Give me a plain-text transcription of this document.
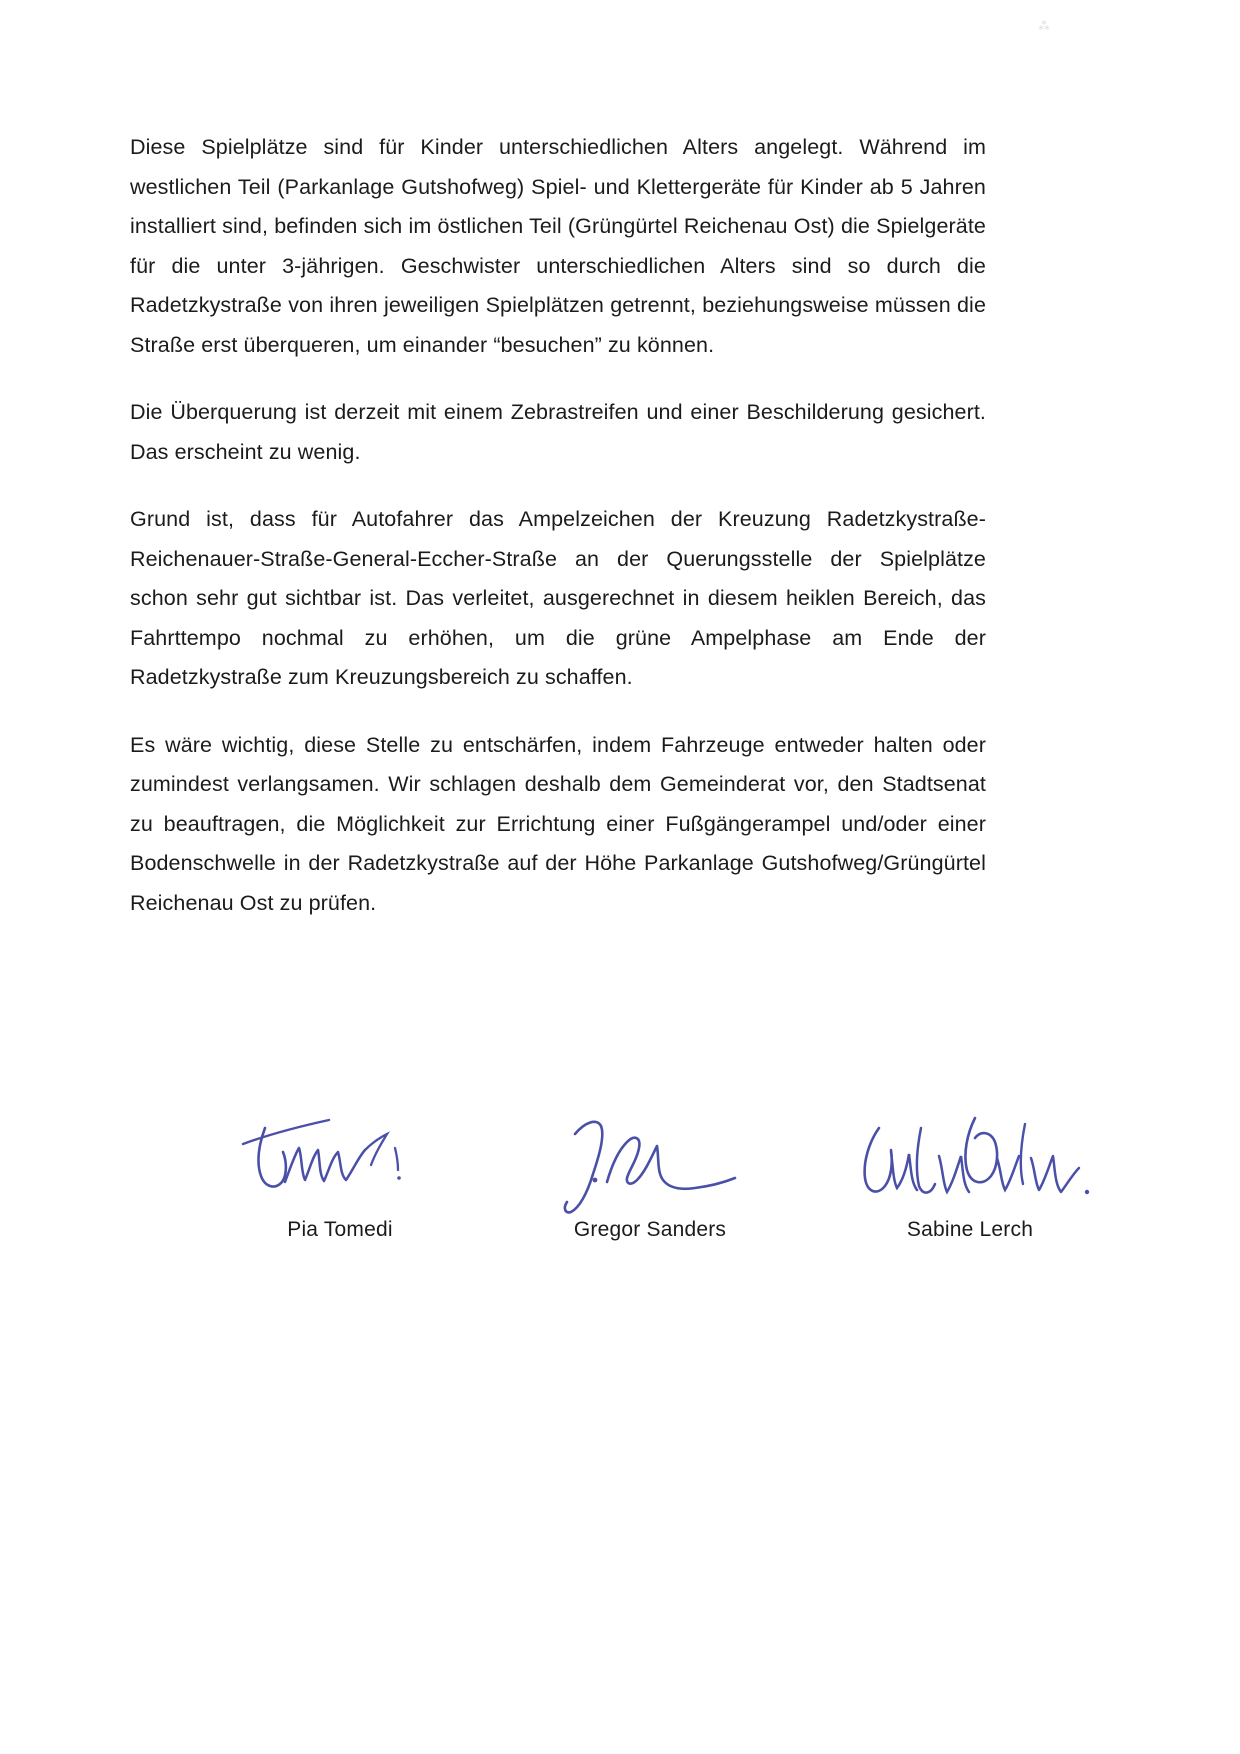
⁂

Diese Spielplätze sind für Kinder unterschiedlichen Alters angelegt. Während im westlichen Teil (Parkanlage Gutshofweg) Spiel- und Klettergeräte für Kinder ab 5 Jahren installiert sind, befinden sich im östlichen Teil (Grüngürtel Reichenau Ost) die Spielgeräte für die unter 3-jährigen. Geschwister unterschiedlichen Alters sind so durch die Radetzkystraße von ihren jeweiligen Spielplätzen getrennt, beziehungsweise müssen die Straße erst überqueren, um einander “besuchen” zu können.

Die Überquerung ist derzeit mit einem Zebrastreifen und einer Beschilderung gesichert. Das erscheint zu wenig.

Grund ist, dass für Autofahrer das Ampelzeichen der Kreuzung Radetzkystraße-Reichenauer-Straße-General-Eccher-Straße an der Querungsstelle der Spielplätze schon sehr gut sichtbar ist. Das verleitet, ausgerechnet in diesem heiklen Bereich, das Fahrttempo nochmal zu erhöhen, um die grüne Ampelphase am Ende der Radetzkystraße zum Kreuzungsbereich zu schaffen.

Es wäre wichtig, diese Stelle zu entschärfen, indem Fahrzeuge entweder halten oder zumindest verlangsamen. Wir schlagen deshalb dem Gemeinderat vor, den Stadtsenat zu beauftragen, die Möglichkeit zur Errichtung einer Fußgängerampel und/oder einer Bodenschwelle in der Radetzkystraße auf der Höhe Parkanlage Gutshofweg/Grüngürtel Reichenau Ost zu prüfen.

Pia Tomedi	Gregor Sanders	Sabine Lerch
